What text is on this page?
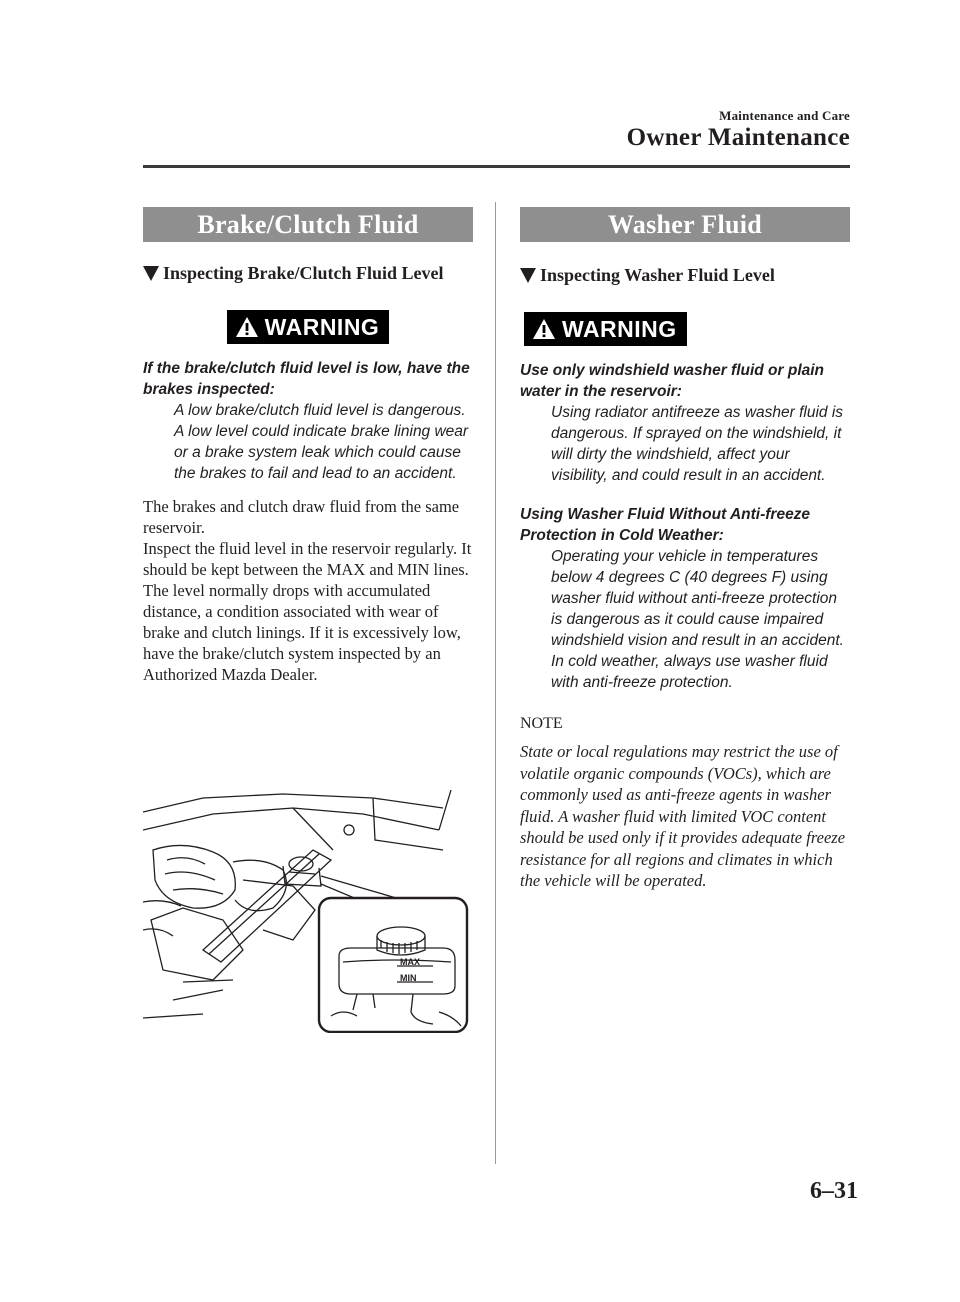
Maintenance and Care
Owner Maintenance
Brake/Clutch Fluid
Inspecting Brake/Clutch Fluid Level
WARNING
If the brake/clutch fluid level is low, have the brakes inspected:

A low brake/clutch fluid level is dangerous.

A low level could indicate brake lining wear or a brake system leak which could cause the brakes to fail and lead to an accident.

The brakes and clutch draw fluid from the same reservoir.

Inspect the fluid level in the reservoir regularly. It should be kept between the MAX and MIN lines.

The level normally drops with accumulated distance, a condition associated with wear of brake and clutch linings. If it is excessively low, have the brake/clutch system inspected by an Authorized Mazda Dealer.

MAX
MIN
Washer Fluid
Inspecting Washer Fluid Level
WARNING
Use only windshield washer fluid or plain water in the reservoir:

Using radiator antifreeze as washer fluid is dangerous. If sprayed on the windshield, it will dirty the windshield, affect your visibility, and could result in an accident.

Using Washer Fluid Without Anti-freeze Protection in Cold Weather:

Operating your vehicle in temperatures below 4 degrees C (40 degrees F) using washer fluid without anti-freeze protection is dangerous as it could cause impaired windshield vision and result in an accident. In cold weather, always use washer fluid with anti-freeze protection.

NOTE
State or local regulations may restrict the use of volatile organic compounds (VOCs), which are commonly used as anti-freeze agents in washer fluid. A washer fluid with limited VOC content should be used only if it provides adequate freeze resistance for all regions and climates in which the vehicle will be operated.
6–31
